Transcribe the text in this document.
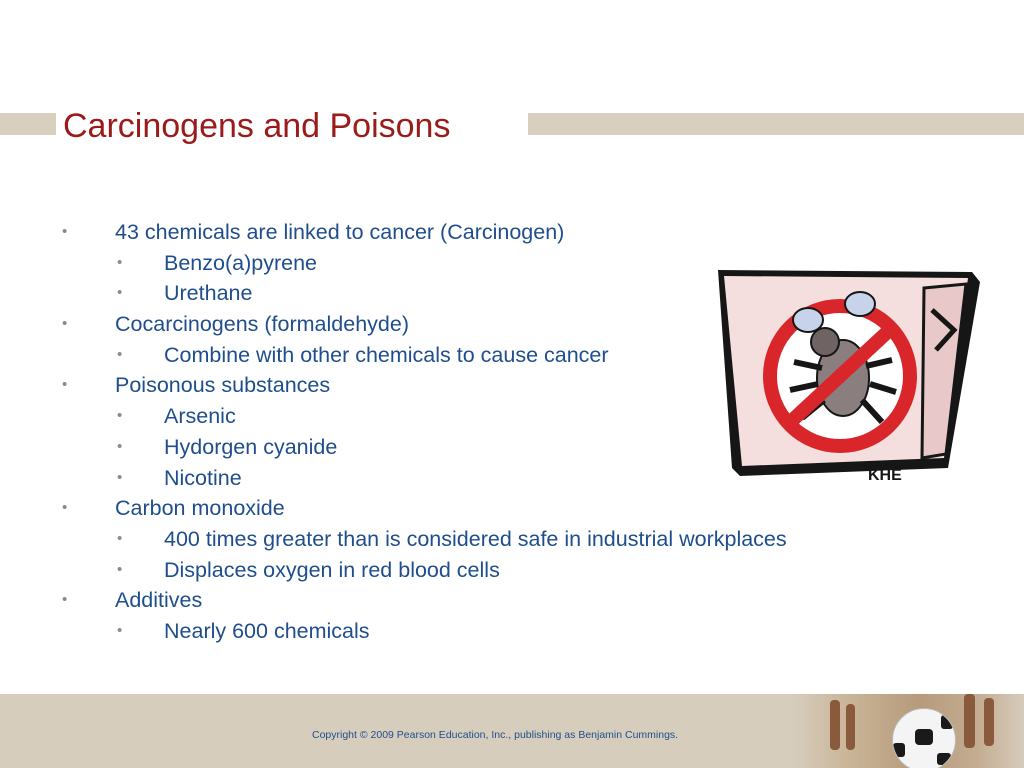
Carcinogens and Poisons
• 43 chemicals are linked to cancer (Carcinogen)
• Benzo(a)pyrene
• Urethane
• Cocarcinogens (formaldehyde)
• Combine with other chemicals to cause cancer
• Poisonous substances
• Arsenic
• Hydorgen cyanide
• Nicotine
• Carbon monoxide
• 400 times greater than is considered safe in industrial workplaces
• Displaces oxygen in red blood cells
• Additives
• Nearly 600 chemicals
KHE
Copyright © 2009 Pearson Education, Inc., publishing as Benjamin Cummings.
